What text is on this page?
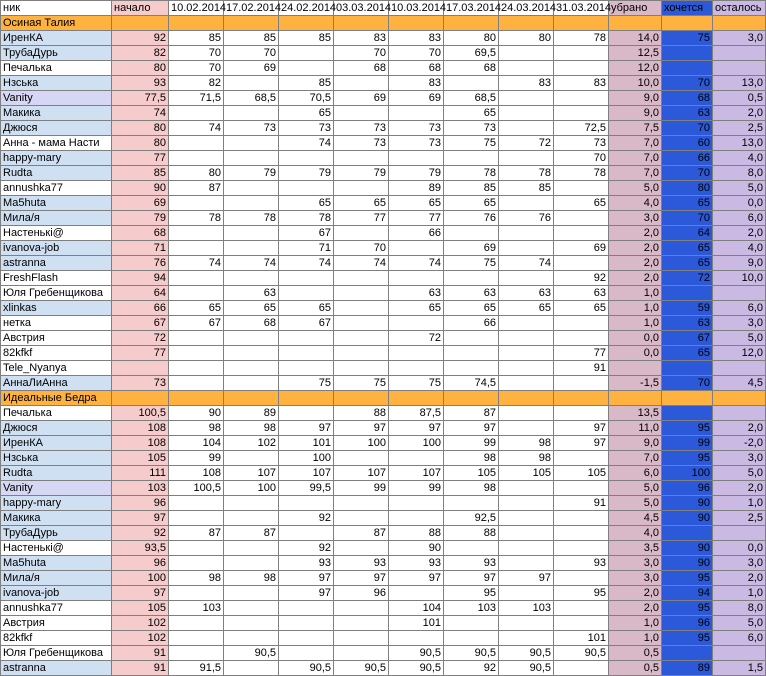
ник	начало	10.02.2014	17.02.2014	24.02.2014	03.03.2014	10.03.2014	17.03.2014	24.03.2014	31.03.2014	убрано	хочется	осталось
Осиная Талия												
ИренКА	92	85	85	85	83	83	80	80	78	14,0	75	3,0
ТрубаДурь	82	70	70		70	70	69,5			12,5		
Печалька	80	70	69		68	68	68			12,0		
Нзська	93	82		85		83		83	83	10,0	70	13,0
Vanity	77,5	71,5	68,5	70,5	69	69	68,5			9,0	68	0,5
Макика	74			65			65			9,0	63	2,0
Джюся	80	74	73	73	73	73	73		72,5	7,5	70	2,5
Анна - мама Насти	80			74	73	73	75	72	73	7,0	60	13,0
happy-mary	77								70	7,0	66	4,0
Rudta	85	80	79	79	79	79	78	78	78	7,0	70	8,0
annushka77	90	87				89	85	85		5,0	80	5,0
Ма5huta	69			65	65	65	65		65	4,0	65	0,0
Мила/я	79	78	78	78	77	77	76	76		3,0	70	6,0
Настенькi@	68			67		66				2,0	64	2,0
ivanova-job	71			71	70		69		69	2,0	65	4,0
astranna	76	74	74	74	74	74	75	74		2,0	65	9,0
FreshFlash	94								92	2,0	72	10,0
Юля Гребенщикова	64		63			63	63	63	63	1,0		
xlinkas	66	65	65	65		65	65	65	65	1,0	59	6,0
нетка	67	67	68	67			66			1,0	63	3,0
Австрия	72					72				0,0	67	5,0
82kfkf	77								77	0,0	65	12,0
Tele_Nyanya									91			
АннаЛиАнна	73			75	75	75	74,5			-1,5	70	4,5
Идеальные Бедра												
Печалька	100,5	90	89		88	87,5	87			13,5		
Джюся	108	98	98	97	97	97	97		97	11,0	95	2,0
ИренКА	108	104	102	101	100	100	99	98	97	9,0	99	-2,0
Нзська	105	99		100			98	98		7,0	95	3,0
Rudta	111	108	107	107	107	107	105	105	105	6,0	100	5,0
Vanity	103	100,5	100	99,5	99	99	98			5,0	96	2,0
happy-mary	96								91	5,0	90	1,0
Макика	97			92			92,5			4,5	90	2,5
ТрубаДурь	92	87	87		87	88	88			4,0		
Настенькi@	93,5			92		90				3,5	90	0,0
Ма5huta	96			93	93	93	93		93	3,0	90	3,0
Мила/я	100	98	98	97	97	97	97	97		3,0	95	2,0
ivanova-job	97			97	96		95		95	2,0	94	1,0
annushka77	105	103				104	103	103		2,0	95	8,0
Австрия	102					101				1,0	96	5,0
82kfkf	102								101	1,0	95	6,0
Юля Гребенщикова	91		90,5			90,5	90,5	90,5	90,5	0,5		
astranna	91	91,5		90,5	90,5	90,5	92	90,5		0,5	89	1,5
